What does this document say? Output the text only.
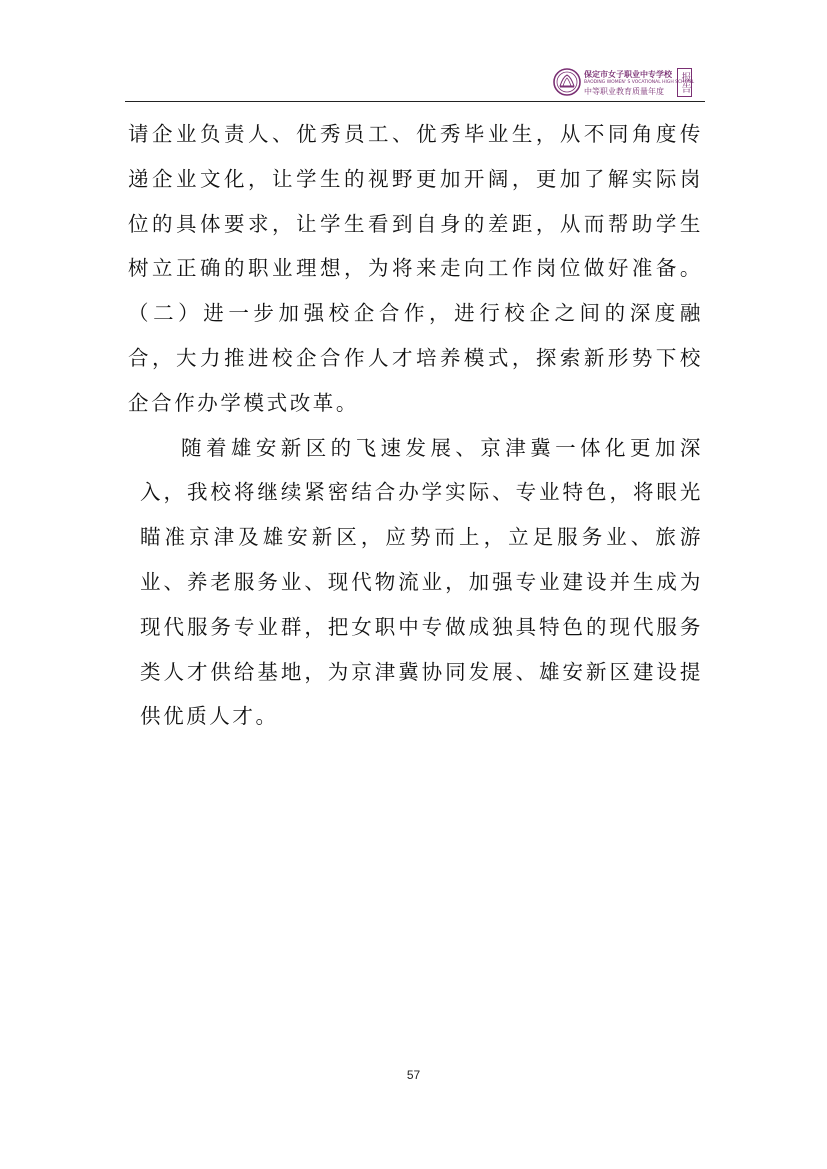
保定市女子职业中专学校
BAODING WOMEN' S VOCATIONAL HIGH SCHOOL
中等职业教育质量年度 报告

请企业负责人、优秀员工、优秀毕业生，从不同角度传递企业文化，让学生的视野更加开阔，更加了解实际岗位的具体要求，让学生看到自身的差距，从而帮助学生树立正确的职业理想，为将来走向工作岗位做好准备。（二）进一步加强校企合作，进行校企之间的深度融合，大力推进校企合作人才培养模式，探索新形势下校企合作办学模式改革。

随着雄安新区的飞速发展、京津冀一体化更加深入，我校将继续紧密结合办学实际、专业特色，将眼光瞄准京津及雄安新区，应势而上，立足服务业、旅游业、养老服务业、现代物流业，加强专业建设并生成为现代服务专业群，把女职中专做成独具特色的现代服务类人才供给基地，为京津冀协同发展、雄安新区建设提供优质人才。

57
